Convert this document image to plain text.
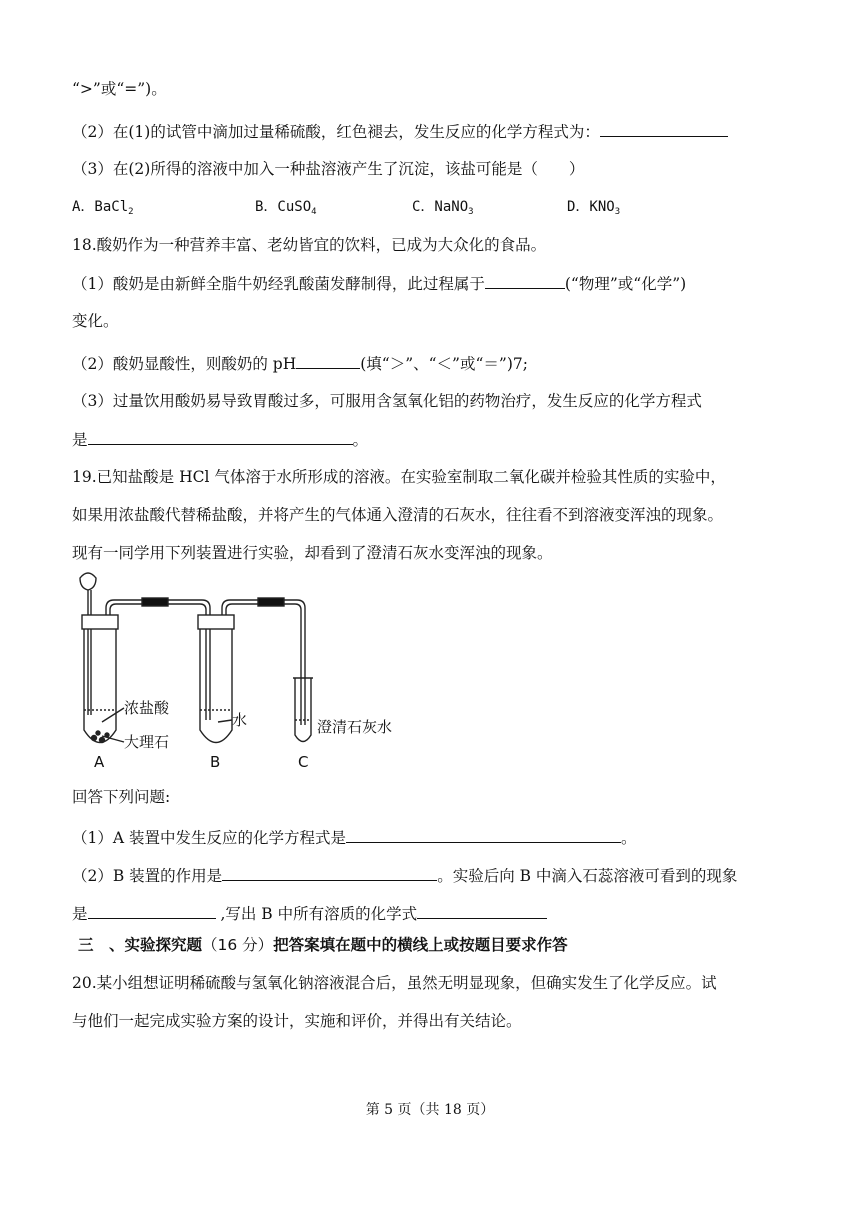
“>”或“=”)。
（2）在(1)的试管中滴加过量稀硫酸，红色褪去，发生反应的化学方程式为：
（3）在(2)所得的溶液中加入一种盐溶液产生了沉淀，该盐可能是（　　）
A．BaCl$_2$	B．CuSO$_4$	C．NaNO$_3$	D．$KNO_3$
18.酸奶作为一种营养丰富、老幼皆宜的饮料，已成为大众化的食品。
（1）酸奶是由新鲜全脂牛奶经乳酸菌发酵制得，此过程属于	(“物理”或“化学”)
变化。
（2）酸奶显酸性，则酸奶的 pH	(填“＞”、“＜”或“＝”)7;
（3）过量饮用酸奶易导致胃酸过多，可服用含氢氧化铝的药物治疗，发生反应的化学方程式
是	。
19.已知盐酸是 HCl 气体溶于水所形成的溶液。在实验室制取二氧化碳并检验其性质的实验中，
如果用浓盐酸代替稀盐酸，并将产生的气体通入澄清的石灰水，往往看不到溶液变浑浊的现象。
现有一同学用下列装置进行实验，却看到了澄清石灰水变浑浊的现象。
浓盐酸
大理石
水	澄清石灰水
A	B	C
回答下列问题:
（1）A 装置中发生反应的化学方程式是	。
（2）B 装置的作用是	。实验后向 B 中滴入石蕊溶液可看到的现象
是	,写出 B 中所有溶质的化学式
三　、实验探究题（16 分）把答案填在题中的横线上或按题目要求作答
20.某小组想证明稀硫酸与氢氧化钠溶液混合后，虽然无明显现象，但确实发生了化学反应。试
与他们一起完成实验方案的设计，实施和评价，并得出有关结论。
第 5 页（共 18 页）
